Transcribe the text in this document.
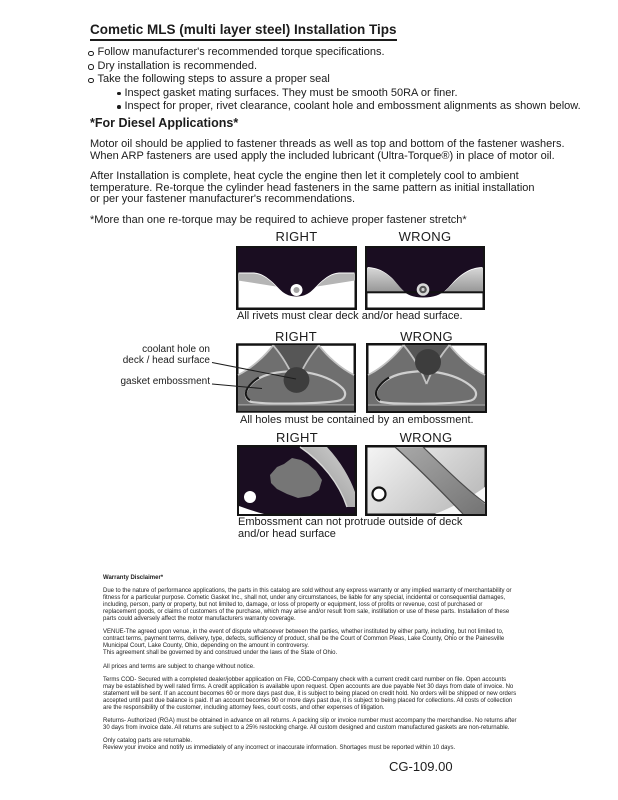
Cometic MLS (multi layer steel) Installation Tips
Follow manufacturer's recommended torque specifications.
Dry installation is recommended.
Take the following steps to assure a proper seal
Inspect gasket mating surfaces. They must be smooth 50RA or finer.
Inspect for proper, rivet clearance, coolant hole and embossment alignments as shown below.
*For Diesel Applications*
Motor oil should be applied to fastener threads as well as top and bottom of the fastener washers.
When ARP fasteners are used apply the included lubricant (Ultra-Torque®) in place of motor oil.
After Installation is complete, heat cycle the engine then let it completely cool to ambient
temperature. Re-torque the cylinder head fasteners in the same pattern as initial installation
or per your fastener manufacturer's recommendations.
*More than one re-torque may be required to achieve proper fastener stretch*
RIGHT	WRONG
All rivets must clear deck and/or head surface.
RIGHT	WRONG
coolant hole on
deck / head surface
gasket embossment
All holes must be contained by an embossment.
RIGHT	WRONG
Embossment can not protrude outside of deck
and/or head surface
Warranty Disclaimer*

Due to the nature of performance applications, the parts in this catalog are sold without any express warranty or any implied warranty of merchantability or fitness for a particular purpose. Cometic Gasket Inc., shall not, under any circumstances, be liable for any special, incidental or consequential damages, including, person, party or property, but not limited to, damage, or loss of property or equipment, loss of profits or revenue, cost of purchased or replacement goods, or claims of customers of the purchase, which may arise and/or result from sale, instillation or use of these parts. Installation of these parts could adversely affect the motor manufacturers warranty coverage.

VENUE-The agreed upon venue, in the event of dispute whatsoever between the parties, whether instituted by either party, including, but not limited to, contract terms, payment terms, delivery, type, defects, sufficiency of product, shall be the Court of Common Pleas, Lake County, Ohio or the Painesville Municipal Court, Lake County, Ohio, depending on the amount in controversy.

This agreement shall be governed by and construed under the laws of the State of Ohio.

All prices and terms are subject to change without notice.

Terms COD- Secured with a completed dealer/jobber application on File, COD-Company check with a current credit card number on file. Open accounts may be established by well rated firms. A credit application is available upon request. Open accounts are due payable Net 30 days from date of invoice. No statement will be sent. If an account becomes 60 or more days past due, it is subject to being placed on credit hold. No orders will be shipped or new orders accepted until past due balance is paid. If an account becomes 90 or more days past due, it is subject to being placed for collections. All costs of collection are the responsibility of the customer, including attorney fees, court costs, and other expenses of litigation.

Returns- Authorized (RGA) must be obtained in advance on all returns. A packing slip or invoice number must accompany the merchandise. No returns after 30 days from invoice date. All returns are subject to a 25% restocking charge. All custom designed and custom manufactured gaskets are non-returnable.

Only catalog parts are returnable.

Review your invoice and notify us immediately of any incorrect or inaccurate information. Shortages must be reported within 10 days.

CG-109.00
